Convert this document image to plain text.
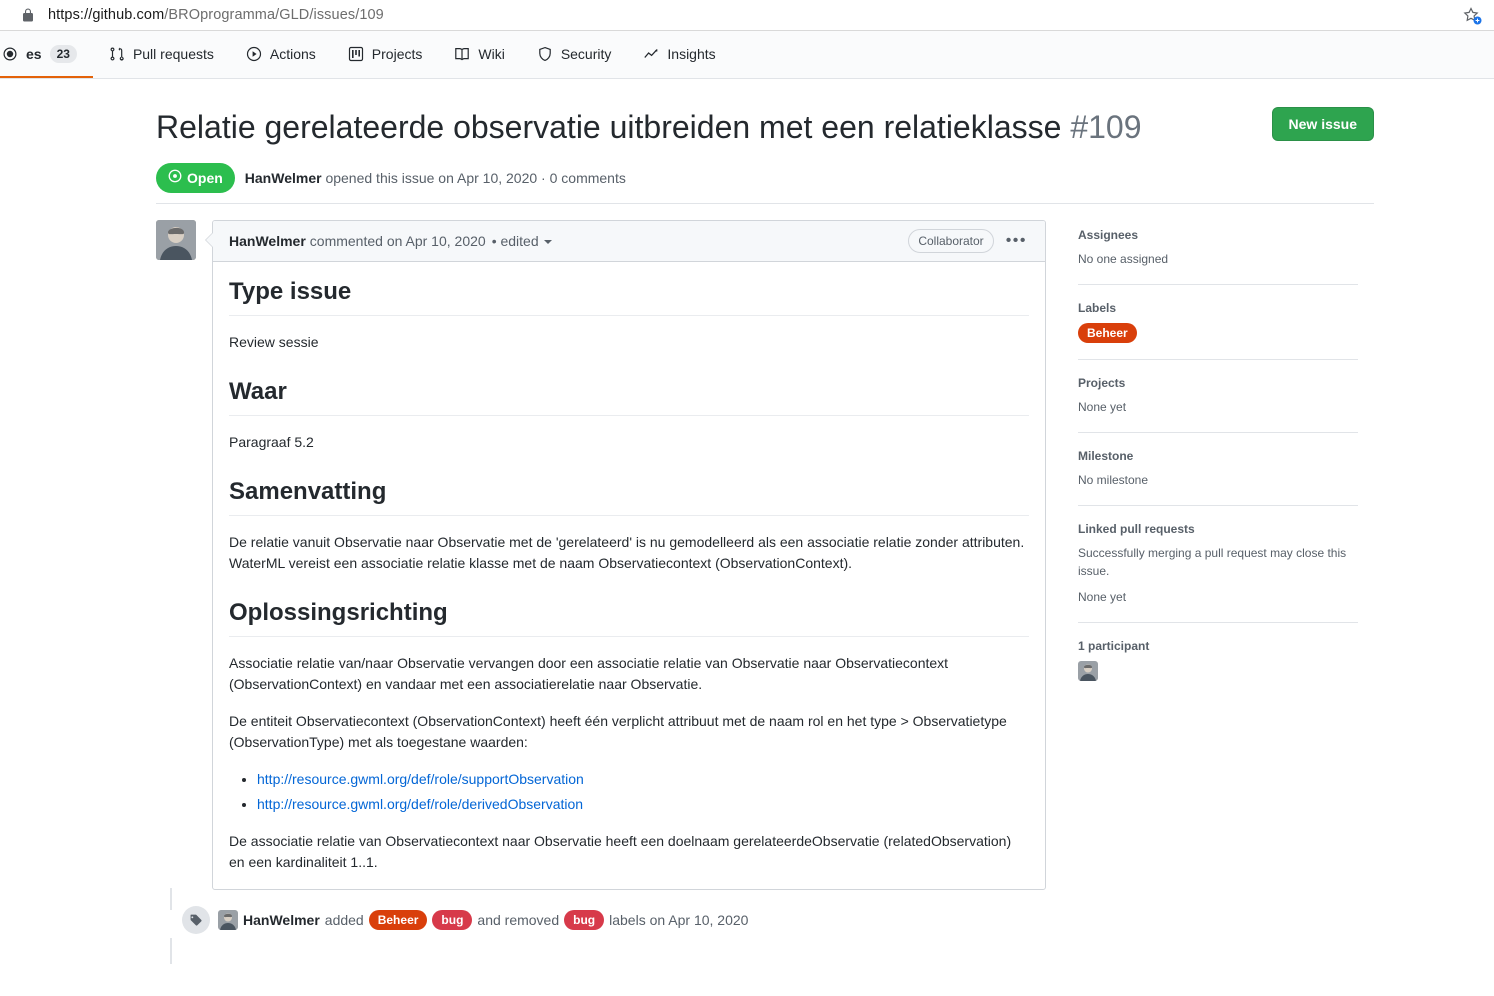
https://github.com/BROprogramma/GLD/issues/109
es	23	Pull requests	Actions	Projects	Wiki	Security	Insights
Relatie gerelateerde observatie uitbreiden met een relatieklasse #109	New issue
Open HanWelmer opened this issue on Apr 10, 2020 · 0 comments
HanWelmer commented on Apr 10, 2020 • edited	Collaborator	•••
Type issue

Review sessie

Waar

Paragraaf 5.2

Samenvatting

De relatie vanuit Observatie naar Observatie met de 'gerelateerd' is nu gemodelleerd als een associatie relatie zonder attributen. WaterML vereist een associatie relatie klasse met de naam Observatiecontext (ObservationContext).

Oplossingsrichting

Associatie relatie van/naar Observatie vervangen door een associatie relatie van Observatie naar Observatiecontext (ObservationContext) en vandaar met een associatierelatie naar Observatie.

De entiteit Observatiecontext (ObservationContext) heeft één verplicht attribuut met de naam rol en het type > Observatietype (ObservationType) met als toegestane waarden:

• http://resource.gwml.org/def/role/supportObservation
• http://resource.gwml.org/def/role/derivedObservation

De associatie relatie van Observatiecontext naar Observatie heeft een doelnaam gerelateerdeObservatie (relatedObservation) en een kardinaliteit 1..1.

HanWelmer added	Beheer	bug	and removed	bug	labels on Apr 10, 2020
Assignees
No one assigned
Labels
Beheer
Projects
None yet
Milestone
No milestone
Linked pull requests
Successfully merging a pull request may close this issue.
None yet
1 participant
